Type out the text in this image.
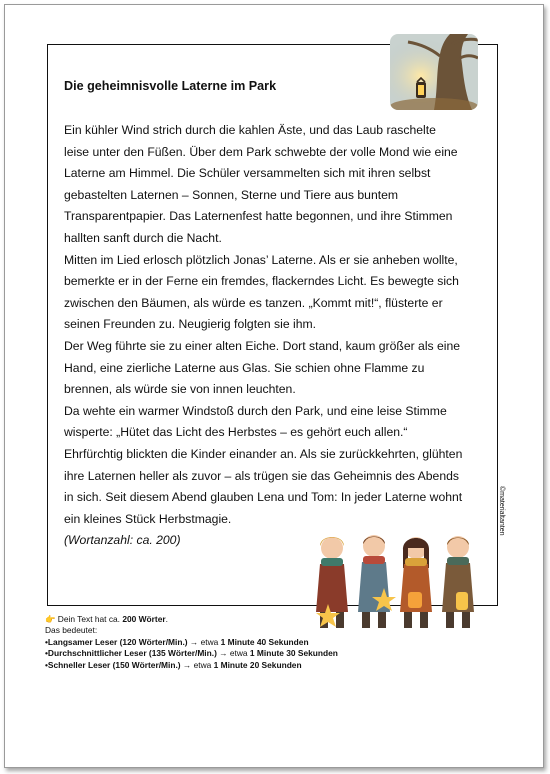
Die geheimnisvolle Laterne im Park

Ein kühler Wind strich durch die kahlen Äste, und das Laub raschelte

leise unter den Füßen. Über dem Park schwebte der volle Mond wie eine

Laterne am Himmel. Die Schüler versammelten sich mit ihren selbst

gebastelten Laternen – Sonnen, Sterne und Tiere aus buntem

Transparentpapier. Das Laternenfest hatte begonnen, und ihre Stimmen

hallten sanft durch die Nacht.

Mitten im Lied erlosch plötzlich Jonas’ Laterne. Als er sie anheben wollte,

bemerkte er in der Ferne ein fremdes, flackerndes Licht. Es bewegte sich

zwischen den Bäumen, als würde es tanzen. „Kommt mit!“, flüsterte er

seinen Freunden zu. Neugierig folgten sie ihm.

Der Weg führte sie zu einer alten Eiche. Dort stand, kaum größer als eine

Hand, eine zierliche Laterne aus Glas. Sie schien ohne Flamme zu

brennen, als würde sie von innen leuchten.

Da wehte ein warmer Windstoß durch den Park, und eine leise Stimme

wisperte: „Hütet das Licht des Herbstes – es gehört euch allen.“

Ehrfürchtig blickten die Kinder einander an. Als sie zurückkehrten, glühten

ihre Laternen heller als zuvor – als trügen sie das Geheimnis des Abends

in sich. Seit diesem Abend glauben Lena und Tom: In jeder Laterne wohnt

ein kleines Stück Herbstmagie.

(Wortanzahl: ca. 200)

©materialtanten
👉 Dein Text hat ca. 200 Wörter.
Das bedeutet:
•Langsamer Leser (120 Wörter/Min.) → etwa 1 Minute 40 Sekunden
•Durchschnittlicher Leser (135 Wörter/Min.) → etwa 1 Minute 30 Sekunden
•Schneller Leser (150 Wörter/Min.) → etwa 1 Minute 20 Sekunden
